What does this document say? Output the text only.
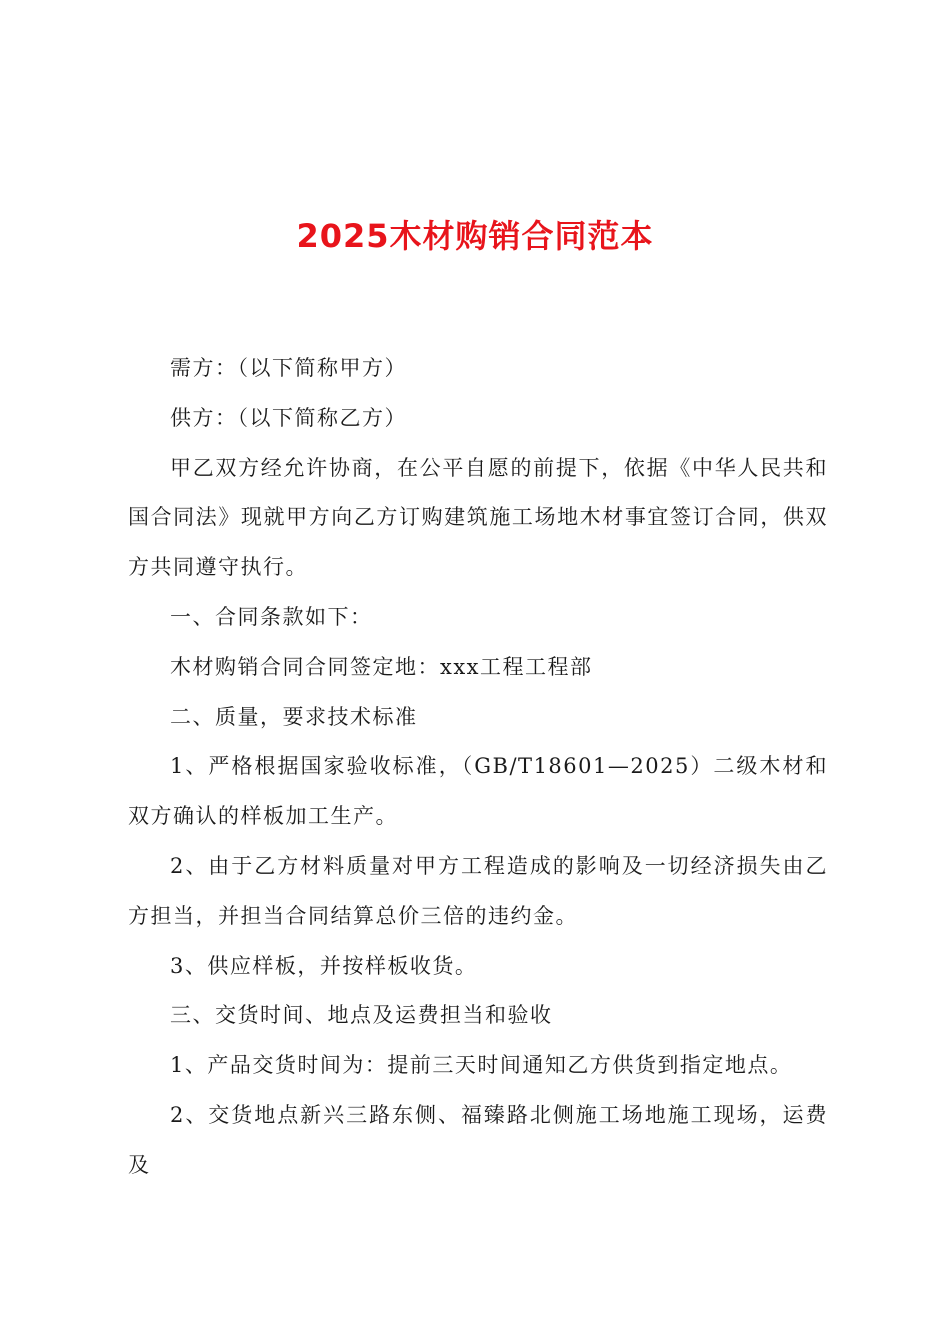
2025木材购销合同范本

需方：（以下简称甲方）

供方：（以下简称乙方）

甲乙双方经允许协商，在公平自愿的前提下，依据《中华人民共和国合同法》现就甲方向乙方订购建筑施工场地木材事宜签订合同，供双方共同遵守执行。

一、合同条款如下：

木材购销合同合同签定地：xxx工程工程部

二、质量，要求技术标准

1、严格根据国家验收标准，（GB/T18601—2025）二级木材和双方确认的样板加工生产。

2、由于乙方材料质量对甲方工程造成的影响及一切经济损失由乙方担当，并担当合同结算总价三倍的违约金。

3、供应样板，并按样板收货。

三、交货时间、地点及运费担当和验收

1、产品交货时间为：提前三天时间通知乙方供货到指定地点。

2、交货地点新兴三路东侧、福臻路北侧施工场地施工现场，运费及
